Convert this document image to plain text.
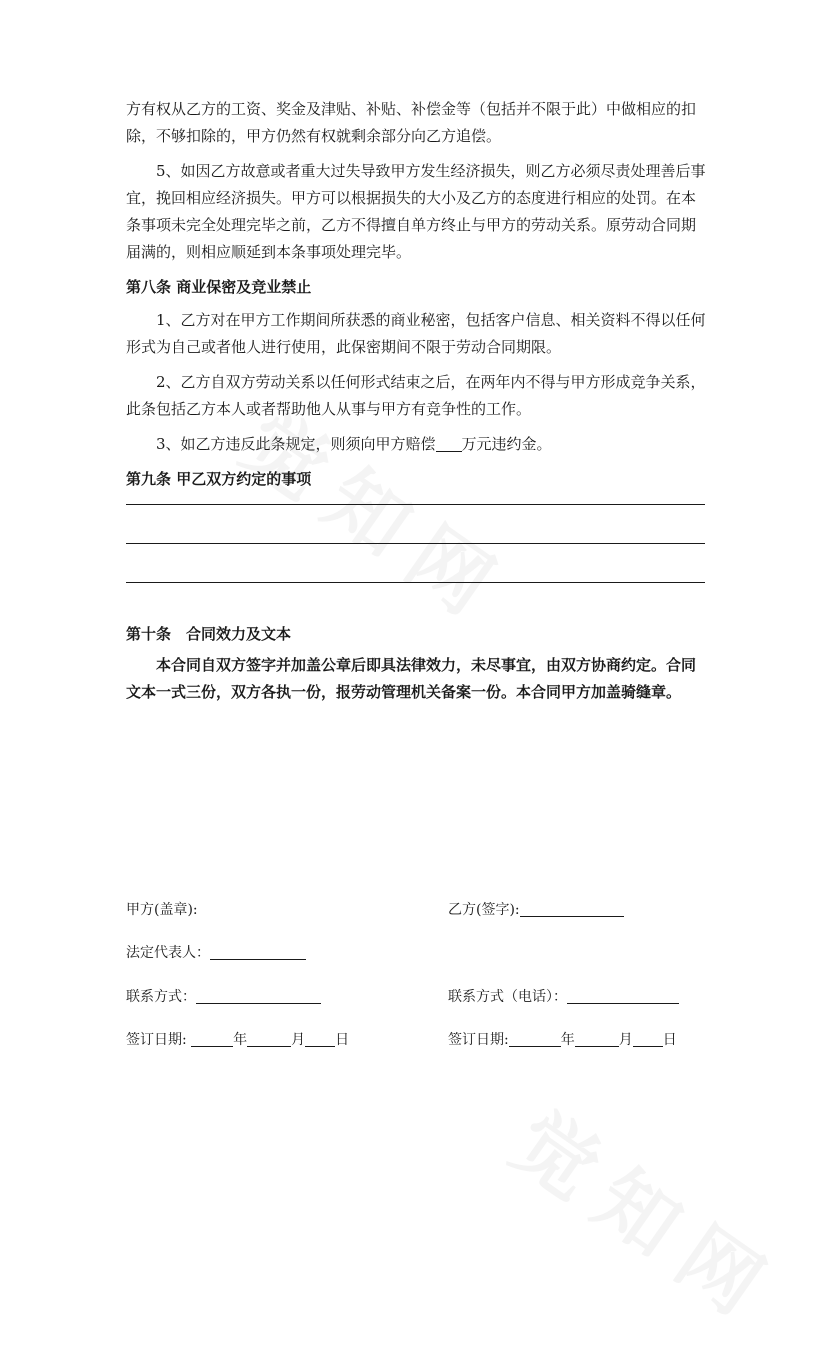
方有权从乙方的工资、奖金及津贴、补贴、补偿金等（包括并不限于此）中做相应的扣除，不够扣除的，甲方仍然有权就剩余部分向乙方追偿。

5、如因乙方故意或者重大过失导致甲方发生经济损失，则乙方必须尽责处理善后事宜，挽回相应经济损失。甲方可以根据损失的大小及乙方的态度进行相应的处罚。在本条事项未完全处理完毕之前，乙方不得擅自单方终止与甲方的劳动关系。原劳动合同期届满的，则相应顺延到本条事项处理完毕。

第八条 商业保密及竞业禁止

1、乙方对在甲方工作期间所获悉的商业秘密，包括客户信息、相关资料不得以任何形式为自己或者他人进行使用，此保密期间不限于劳动合同期限。

2、乙方自双方劳动关系以任何形式结束之后，在两年内不得与甲方形成竞争关系，此条包括乙方本人或者帮助他人从事与甲方有竞争性的工作。

3、如乙方违反此条规定，则须向甲方赔偿 万元违约金。

第九条 甲乙双方约定的事项
第十条　合同效力及文本

本合同自双方签字并加盖公章后即具法律效力，未尽事宜，由双方协商约定。合同文本一式三份，双方各执一份，报劳动管理机关备案一份。本合同甲方加盖骑缝章。

甲方(盖章):	乙方(签字):
法定代表人：
联系方式：	联系方式（电话）：
签订日期:	年	月 日	签订日期:	年	月 日
